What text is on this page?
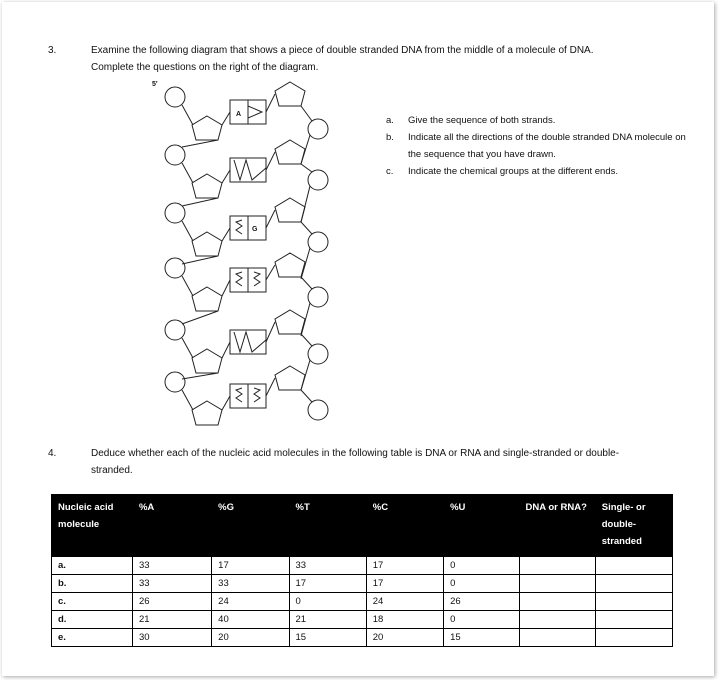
3.	Examine the following diagram that shows a piece of double stranded DNA from the middle of a molecule of DNA.
Complete the questions on the right of the diagram.
5'
A
G
a.	Give the sequence of both strands.
b.	Indicate all the directions of the double stranded DNA molecule on the sequence that you have drawn.
c.	Indicate the chemical groups at the different ends.
4.	Deduce whether each of the nucleic acid molecules in the following table is DNA or RNA and single-stranded or double-
stranded.
Nucleic acid molecule	%A	%G	%T	%C	%U	DNA or RNA?	Single- or double-stranded
a.	33	17	33	17	0		
b.	33	33	17	17	0		
c.	26	24	0	24	26		
d.	21	40	21	18	0		
e.	30	20	15	20	15		
